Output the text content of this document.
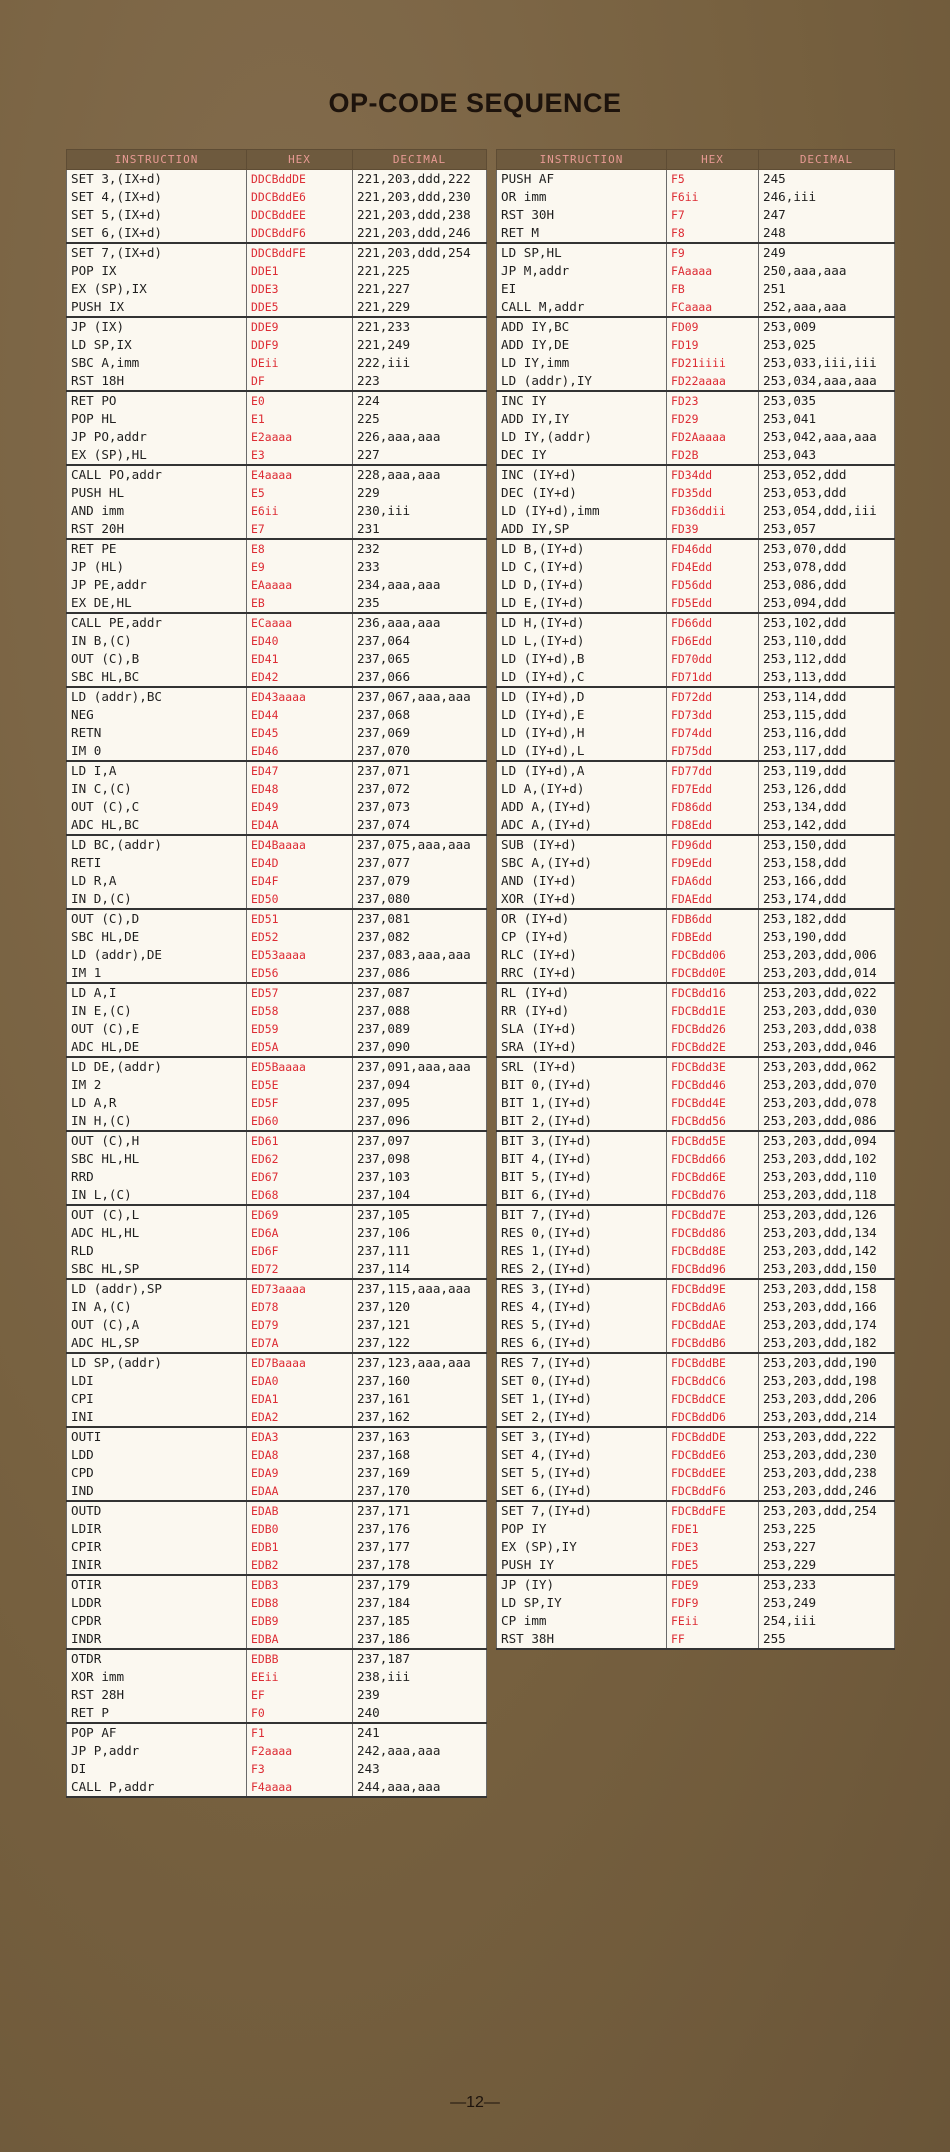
OP-CODE SEQUENCE
INSTRUCTION	HEX	DECIMAL
SET 3,(IX+d)	DDCBddDE	221,203,ddd,222
SET 4,(IX+d)	DDCBddE6	221,203,ddd,230
SET 5,(IX+d)	DDCBddEE	221,203,ddd,238
SET 6,(IX+d)	DDCBddF6	221,203,ddd,246
SET 7,(IX+d)	DDCBddFE	221,203,ddd,254
POP IX	DDE1	221,225
EX (SP),IX	DDE3	221,227
PUSH IX	DDE5	221,229
JP (IX)	DDE9	221,233
LD SP,IX	DDF9	221,249
SBC A,imm	DEii	222,iii
RST 18H	DF	223
RET PO	E0	224
POP HL	E1	225
JP PO,addr	E2aaaa	226,aaa,aaa
EX (SP),HL	E3	227
CALL PO,addr	E4aaaa	228,aaa,aaa
PUSH HL	E5	229
AND imm	E6ii	230,iii
RST 20H	E7	231
RET PE	E8	232
JP (HL)	E9	233
JP PE,addr	EAaaaa	234,aaa,aaa
EX DE,HL	EB	235
CALL PE,addr	ECaaaa	236,aaa,aaa
IN B,(C)	ED40	237,064
OUT (C),B	ED41	237,065
SBC HL,BC	ED42	237,066
LD (addr),BC	ED43aaaa	237,067,aaa,aaa
NEG	ED44	237,068
RETN	ED45	237,069
IM 0	ED46	237,070
LD I,A	ED47	237,071
IN C,(C)	ED48	237,072
OUT (C),C	ED49	237,073
ADC HL,BC	ED4A	237,074
LD BC,(addr)	ED4Baaaa	237,075,aaa,aaa
RETI	ED4D	237,077
LD R,A	ED4F	237,079
IN D,(C)	ED50	237,080
OUT (C),D	ED51	237,081
SBC HL,DE	ED52	237,082
LD (addr),DE	ED53aaaa	237,083,aaa,aaa
IM 1	ED56	237,086
LD A,I	ED57	237,087
IN E,(C)	ED58	237,088
OUT (C),E	ED59	237,089
ADC HL,DE	ED5A	237,090
LD DE,(addr)	ED5Baaaa	237,091,aaa,aaa
IM 2	ED5E	237,094
LD A,R	ED5F	237,095
IN H,(C)	ED60	237,096
OUT (C),H	ED61	237,097
SBC HL,HL	ED62	237,098
RRD	ED67	237,103
IN L,(C)	ED68	237,104
OUT (C),L	ED69	237,105
ADC HL,HL	ED6A	237,106
RLD	ED6F	237,111
SBC HL,SP	ED72	237,114
LD (addr),SP	ED73aaaa	237,115,aaa,aaa
IN A,(C)	ED78	237,120
OUT (C),A	ED79	237,121
ADC HL,SP	ED7A	237,122
LD SP,(addr)	ED7Baaaa	237,123,aaa,aaa
LDI	EDA0	237,160
CPI	EDA1	237,161
INI	EDA2	237,162
OUTI	EDA3	237,163
LDD	EDA8	237,168
CPD	EDA9	237,169
IND	EDAA	237,170
OUTD	EDAB	237,171
LDIR	EDB0	237,176
CPIR	EDB1	237,177
INIR	EDB2	237,178
OTIR	EDB3	237,179
LDDR	EDB8	237,184
CPDR	EDB9	237,185
INDR	EDBA	237,186
OTDR	EDBB	237,187
XOR imm	EEii	238,iii
RST 28H	EF	239
RET P	F0	240
POP AF	F1	241
JP P,addr	F2aaaa	242,aaa,aaa
DI	F3	243
CALL P,addr	F4aaaa	244,aaa,aaa
INSTRUCTION	HEX	DECIMAL
PUSH AF	F5	245
OR imm	F6ii	246,iii
RST 30H	F7	247
RET M	F8	248
LD SP,HL	F9	249
JP M,addr	FAaaaa	250,aaa,aaa
EI	FB	251
CALL M,addr	FCaaaa	252,aaa,aaa
ADD IY,BC	FD09	253,009
ADD IY,DE	FD19	253,025
LD IY,imm	FD21iiii	253,033,iii,iii
LD (addr),IY	FD22aaaa	253,034,aaa,aaa
INC IY	FD23	253,035
ADD IY,IY	FD29	253,041
LD IY,(addr)	FD2Aaaaa	253,042,aaa,aaa
DEC IY	FD2B	253,043
INC (IY+d)	FD34dd	253,052,ddd
DEC (IY+d)	FD35dd	253,053,ddd
LD (IY+d),imm	FD36ddii	253,054,ddd,iii
ADD IY,SP	FD39	253,057
LD B,(IY+d)	FD46dd	253,070,ddd
LD C,(IY+d)	FD4Edd	253,078,ddd
LD D,(IY+d)	FD56dd	253,086,ddd
LD E,(IY+d)	FD5Edd	253,094,ddd
LD H,(IY+d)	FD66dd	253,102,ddd
LD L,(IY+d)	FD6Edd	253,110,ddd
LD (IY+d),B	FD70dd	253,112,ddd
LD (IY+d),C	FD71dd	253,113,ddd
LD (IY+d),D	FD72dd	253,114,ddd
LD (IY+d),E	FD73dd	253,115,ddd
LD (IY+d),H	FD74dd	253,116,ddd
LD (IY+d),L	FD75dd	253,117,ddd
LD (IY+d),A	FD77dd	253,119,ddd
LD A,(IY+d)	FD7Edd	253,126,ddd
ADD A,(IY+d)	FD86dd	253,134,ddd
ADC A,(IY+d)	FD8Edd	253,142,ddd
SUB (IY+d)	FD96dd	253,150,ddd
SBC A,(IY+d)	FD9Edd	253,158,ddd
AND (IY+d)	FDA6dd	253,166,ddd
XOR (IY+d)	FDAEdd	253,174,ddd
OR (IY+d)	FDB6dd	253,182,ddd
CP (IY+d)	FDBEdd	253,190,ddd
RLC (IY+d)	FDCBdd06	253,203,ddd,006
RRC (IY+d)	FDCBdd0E	253,203,ddd,014
RL (IY+d)	FDCBdd16	253,203,ddd,022
RR (IY+d)	FDCBdd1E	253,203,ddd,030
SLA (IY+d)	FDCBdd26	253,203,ddd,038
SRA (IY+d)	FDCBdd2E	253,203,ddd,046
SRL (IY+d)	FDCBdd3E	253,203,ddd,062
BIT 0,(IY+d)	FDCBdd46	253,203,ddd,070
BIT 1,(IY+d)	FDCBdd4E	253,203,ddd,078
BIT 2,(IY+d)	FDCBdd56	253,203,ddd,086
BIT 3,(IY+d)	FDCBdd5E	253,203,ddd,094
BIT 4,(IY+d)	FDCBdd66	253,203,ddd,102
BIT 5,(IY+d)	FDCBdd6E	253,203,ddd,110
BIT 6,(IY+d)	FDCBdd76	253,203,ddd,118
BIT 7,(IY+d)	FDCBdd7E	253,203,ddd,126
RES 0,(IY+d)	FDCBdd86	253,203,ddd,134
RES 1,(IY+d)	FDCBdd8E	253,203,ddd,142
RES 2,(IY+d)	FDCBdd96	253,203,ddd,150
RES 3,(IY+d)	FDCBdd9E	253,203,ddd,158
RES 4,(IY+d)	FDCBddA6	253,203,ddd,166
RES 5,(IY+d)	FDCBddAE	253,203,ddd,174
RES 6,(IY+d)	FDCBddB6	253,203,ddd,182
RES 7,(IY+d)	FDCBddBE	253,203,ddd,190
SET 0,(IY+d)	FDCBddC6	253,203,ddd,198
SET 1,(IY+d)	FDCBddCE	253,203,ddd,206
SET 2,(IY+d)	FDCBddD6	253,203,ddd,214
SET 3,(IY+d)	FDCBddDE	253,203,ddd,222
SET 4,(IY+d)	FDCBddE6	253,203,ddd,230
SET 5,(IY+d)	FDCBddEE	253,203,ddd,238
SET 6,(IY+d)	FDCBddF6	253,203,ddd,246
SET 7,(IY+d)	FDCBddFE	253,203,ddd,254
POP IY	FDE1	253,225
EX (SP),IY	FDE3	253,227
PUSH IY	FDE5	253,229
JP (IY)	FDE9	253,233
LD SP,IY	FDF9	253,249
CP imm	FEii	254,iii
RST 38H	FF	255
—12—
